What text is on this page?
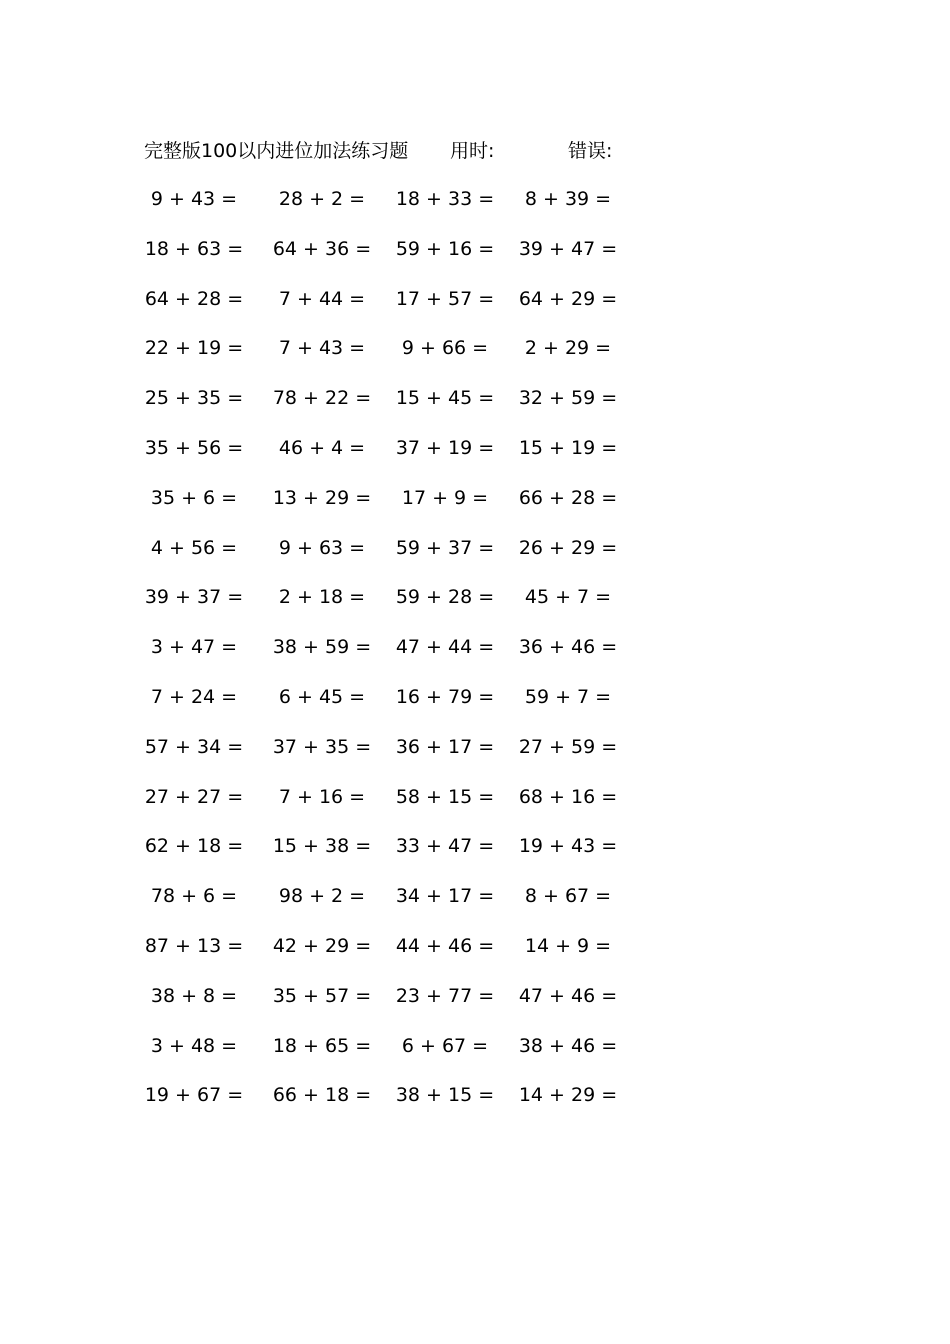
完整版100以内进位加法练习题 用时:	错误:
9 + 43 =	28 + 2 =	18 + 33 =	8 + 39 =
18 + 63 = 64 + 36 =	59 + 16 =	39 + 47 =
64 + 28 =	7 + 44 =	17 + 57 =	64 + 29 =
22 + 19 =	7 + 43 =	9 + 66 =	2 + 29 =
25 + 35 = 78 + 22 =	15 + 45 =	32 + 59 =
35 + 56 =	46 + 4 =	37 + 19 =	15 + 19 =
35 + 6 =	13 + 29 =	17 + 9 =	66 + 28 =
4 + 56 =	9 + 63 =	59 + 37 =	26 + 29 =
39 + 37 =	2 + 18 =	59 + 28 =	45 + 7 =
3 + 47 =	38 + 59 =	47 + 44 =	36 + 46 =
7 + 24 =	6 + 45 =	16 + 79 =	59 + 7 =
57 + 34 = 37 + 35 =	36 + 17 =	27 + 59 =
27 + 27 =	7 + 16 =	58 + 15 =	68 + 16 =
62 + 18 = 15 + 38 =	33 + 47 =	19 + 43 =
78 + 6 =	98 + 2 =	34 + 17 =	8 + 67 =
87 + 13 = 42 + 29 =	44 + 46 =	14 + 9 =
38 + 8 =	35 + 57 =	23 + 77 =	47 + 46 =
3 + 48 =	18 + 65 =	6 + 67 =	38 + 46 =
19 + 67 = 66 + 18 =	38 + 15 =	14 + 29 =
